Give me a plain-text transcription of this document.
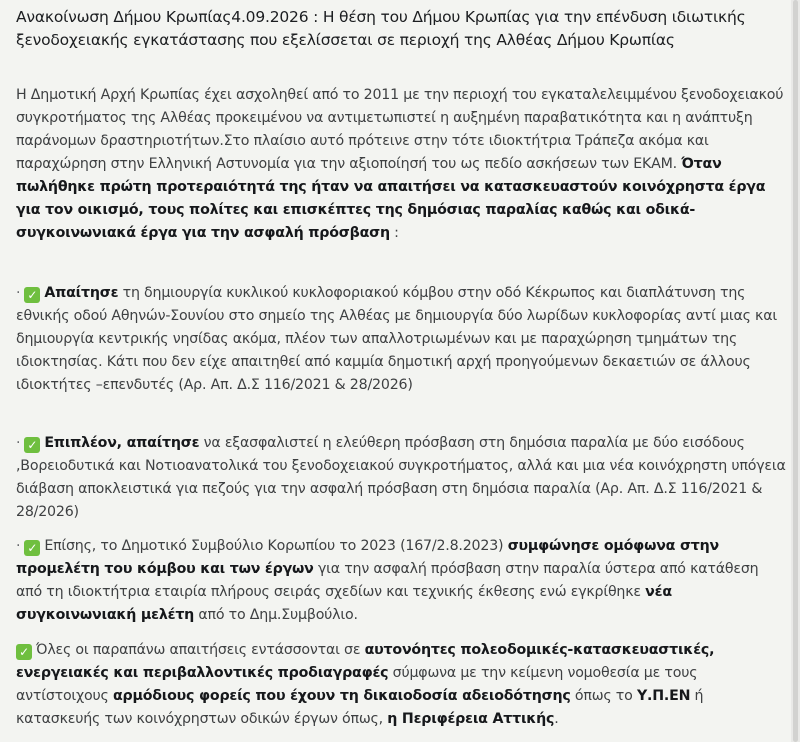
Ανακοίνωση Δήμου Κρωπίας4.09.2026 : Η θέση του Δήμου Κρωπίας για την επένδυση ιδιωτικής ξενοδοχειακής εγκατάστασης που εξελίσσεται σε περιοχή της Αλθέας Δήμου Κρωπίας
Η Δημοτική Αρχή Κρωπίας έχει ασχοληθεί από το 2011 με την περιοχή του εγκαταλελειμμένου ξενοδοχειακού συγκροτήματος της Αλθέας προκειμένου να αντιμετωπιστεί η αυξημένη παραβατικότητα και η ανάπτυξη παράνομων δραστηριοτήτων.Στο πλαίσιο αυτό πρότεινε στην τότε ιδιοκτήτρια Τράπεζα ακόμα και παραχώρηση στην Ελληνική Αστυνομία για την αξιοποίησή του ως πεδίο ασκήσεων των ΕΚΑΜ. Όταν πωλήθηκε πρώτη προτεραιότητά της ήταν να απαιτήσει να κατασκευαστούν κοινόχρηστα έργα για τον οικισμό, τους πολίτες και επισκέπτες της δημόσιας παραλίας καθώς και οδικά-συγκοινωνιακά έργα για την ασφαλή πρόσβαση :
· ✓ Απαίτησε τη δημιουργία κυκλικού κυκλοφοριακού κόμβου στην οδό Κέκρωπος και διαπλάτυνση της εθνικής οδού Αθηνών-Σουνίου στο σημείο της Αλθέας με δημιουργία δύο λωρίδων κυκλοφορίας αντί μιας και δημιουργία κεντρικής νησίδας ακόμα, πλέον των απαλλοτριωμένων και με παραχώρηση τμημάτων της ιδιοκτησίας. Κάτι που δεν είχε απαιτηθεί από καμμία δημοτική αρχή προηγούμενων δεκαετιών σε άλλους ιδιοκτήτες –επενδυτές (Αρ. Απ. Δ.Σ 116/2021 & 28/2026)
· ✓ Επιπλέον, απαίτησε να εξασφαλιστεί η ελεύθερη πρόσβαση στη δημόσια παραλία με δύο εισόδους ,Βορειοδυτικά και Νοτιοανατολικά του ξενοδοχειακού συγκροτήματος, αλλά και μια νέα κοινόχρηστη υπόγεια διάβαση αποκλειστικά για πεζούς για την ασφαλή πρόσβαση στη δημόσια παραλία (Αρ. Απ. Δ.Σ 116/2021 & 28/2026)
· ✓ Επίσης, το Δημοτικό Συμβούλιο Κορωπίου το 2023 (167/2.8.2023) συμφώνησε ομόφωνα στην προμελέτη του κόμβου και των έργων για την ασφαλή πρόσβαση στην παραλία ύστερα από κατάθεση από τη ιδιοκτήτρια εταιρία πλήρους σειράς σχεδίων και τεχνικής έκθεσης ενώ εγκρίθηκε νέα συγκοινωνιακή μελέτη από το Δημ.Συμβούλιο.
✓ Όλες οι παραπάνω απαιτήσεις εντάσσονται σε αυτονόητες πολεοδομικές-κατασκευαστικές, ενεργειακές και περιβαλλοντικές προδιαγραφές σύμφωνα με την κείμενη νομοθεσία με τους αντίστοιχους αρμόδιους φορείς που έχουν τη δικαιοδοσία αδειοδότησης όπως το Υ.Π.ΕΝ ή κατασκευής των κοινόχρηστων οδικών έργων όπως, η Περιφέρεια Αττικής.
